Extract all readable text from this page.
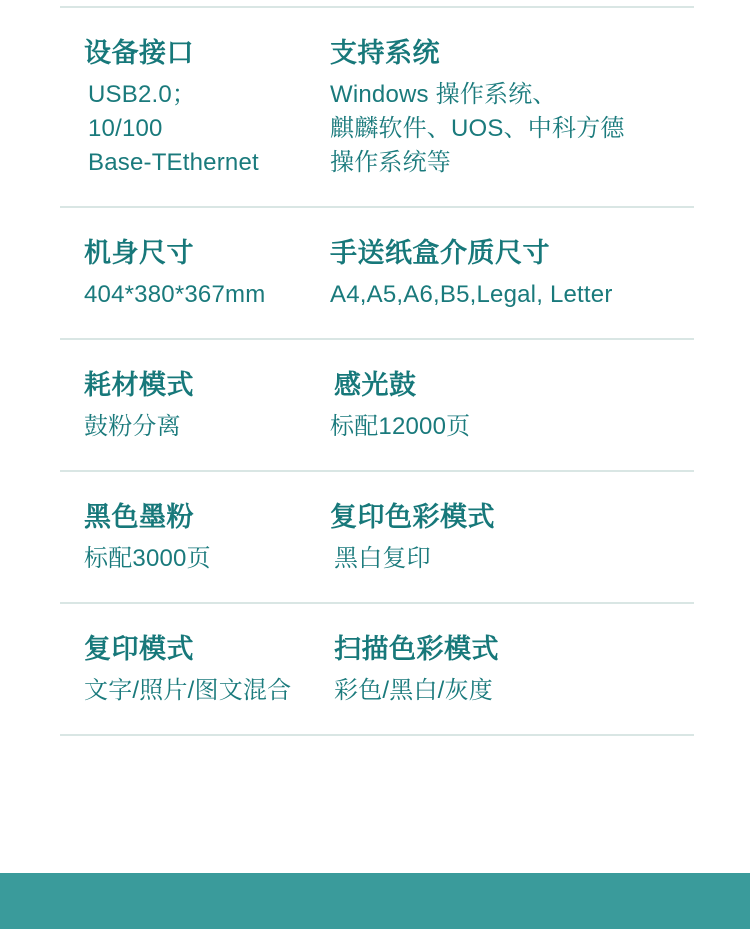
设备接口
USB2.0；
10/100
Base-TEthernet
支持系统
Windows 操作系统、
麒麟软件、UOS、中科方德
操作系统等
机身尺寸
404*380*367mm
手送纸盒介质尺寸
A4,A5,A6,B5,Legal, Letter
耗材模式
鼓粉分离
感光鼓
标配12000页
黑色墨粉
标配3000页
复印色彩模式
黑白复印
复印模式
文字/照片/图文混合
扫描色彩模式
彩色/黑白/灰度
